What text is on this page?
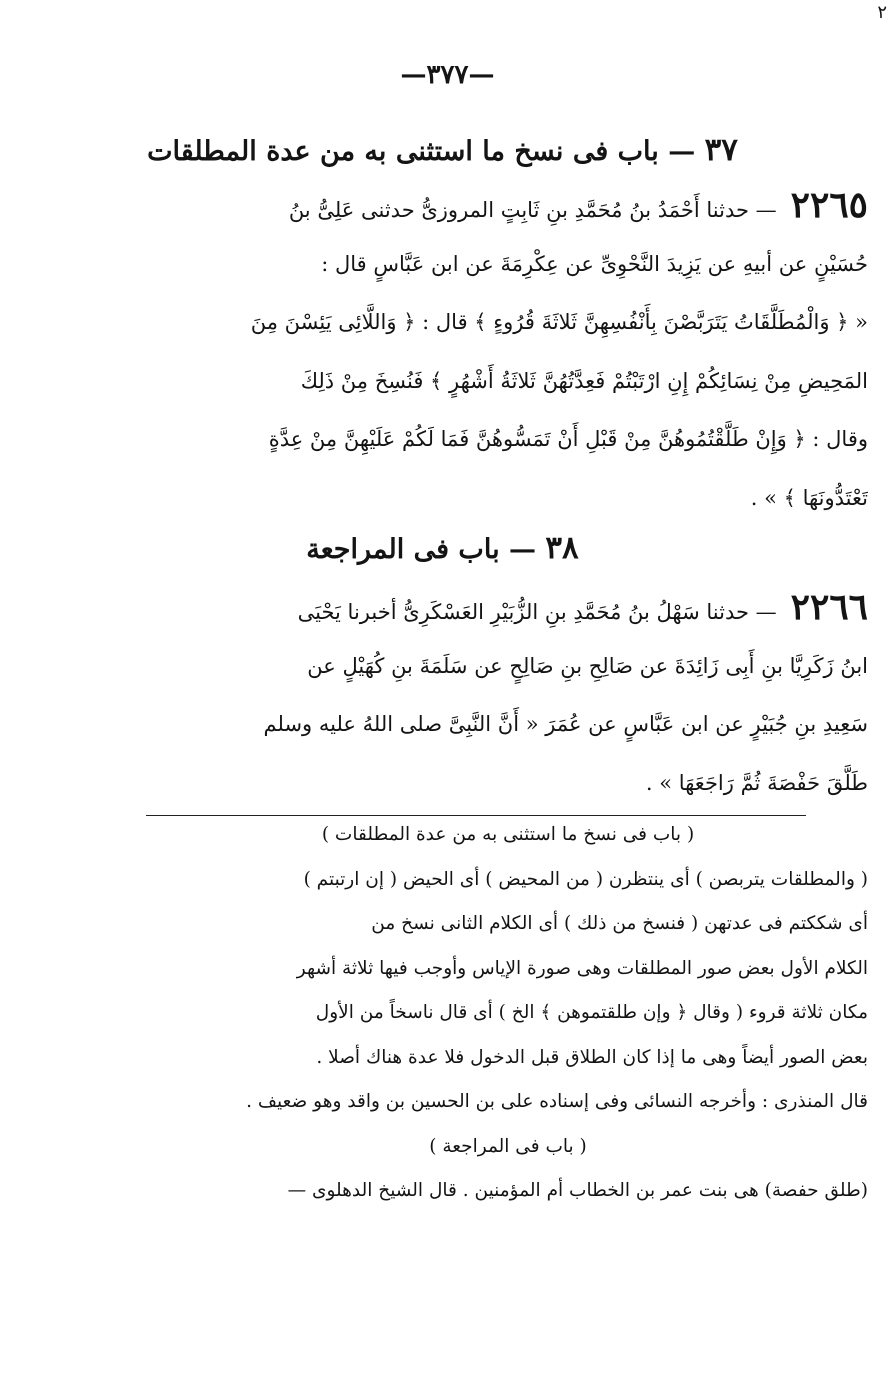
٢
—٣٧٧—
٣٧ — باب فى نسخ ما استثنى به من عدة المطلقات
٢٢٦٥— حدثنا أَحْمَدُ بنُ مُحَمَّدِ بنِ ثَابِتٍ المروزىُّ حدثنى عَلِىُّ بنُ
حُسَيْنٍ عن أبيهِ عن يَزِيدَ النَّحْوِىِّ عن عِكْرِمَةَ عن ابن عَبَّاسٍ قال :
« ﴿ وَالْمُطَلَّقَاتُ يَتَرَبَّصْنَ بِأَنْفُسِهِنَّ ثَلاثَةَ قُرُوءٍ ﴾ قال : ﴿ وَاللَّائِى يَئِسْنَ مِنَ
المَحِيضِ مِنْ نِسَائِكُمْ إِنِ ارْتَبْتُمْ فَعِدَّتُهُنَّ ثَلاثَةُ أَشْهُرٍ ﴾ فَنُسِخَ مِنْ ذَلِكَ
وقال : ﴿ وَإِنْ طَلَّقْتُمُوهُنَّ مِنْ قَبْلِ أَنْ تَمَسُّوهُنَّ فَمَا لَكُمْ عَلَيْهِنَّ مِنْ عِدَّةٍ
تَعْتَدُّونَهَا ﴾ » .
٣٨ — باب فى المراجعة
٢٢٦٦— حدثنا سَهْلُ بنُ مُحَمَّدِ بنِ الزُّبَيْرِ العَسْكَرِىُّ أخبرنا يَحْيَى
ابنُ زَكَرِيَّا بنِ أَبِى زَائِدَةَ عن صَالِحِ بنِ صَالِحٍ عن سَلَمَةَ بنِ كُهَيْلٍ عن
سَعِيدِ بنِ جُبَيْرٍ عن ابن عَبَّاسٍ عن عُمَرَ « أَنَّ النَّبِىَّ صلى اللهُ عليه وسلم
طَلَّقَ حَفْصَةَ ثُمَّ رَاجَعَهَا » .
( باب فى نسخ ما استثنى به من عدة المطلقات )
( والمطلقات يتربصن ) أى ينتظرن ( من المحيض ) أى الحيض ( إن ارتبتم )
أى شككتم فى عدتهن ( فنسخ من ذلك ) أى الكلام الثانى نسخ من
الكلام الأول بعض صور المطلقات وهى صورة الإياس وأوجب فيها ثلاثة أشهر
مكان ثلاثة قروء ( وقال ﴿ وإن طلقتموهن ﴾ الخ ) أى قال ناسخاً من الأول
بعض الصور أيضاً وهى ما إذا كان الطلاق قبل الدخول فلا عدة هناك أصلا .
قال المنذرى : وأخرجه النسائى وفى إسناده على بن الحسين بن واقد وهو ضعيف .
( باب فى المراجعة )
(طلق حفصة) هى بنت عمر بن الخطاب أم المؤمنين . قال الشيخ الدهلوى —
